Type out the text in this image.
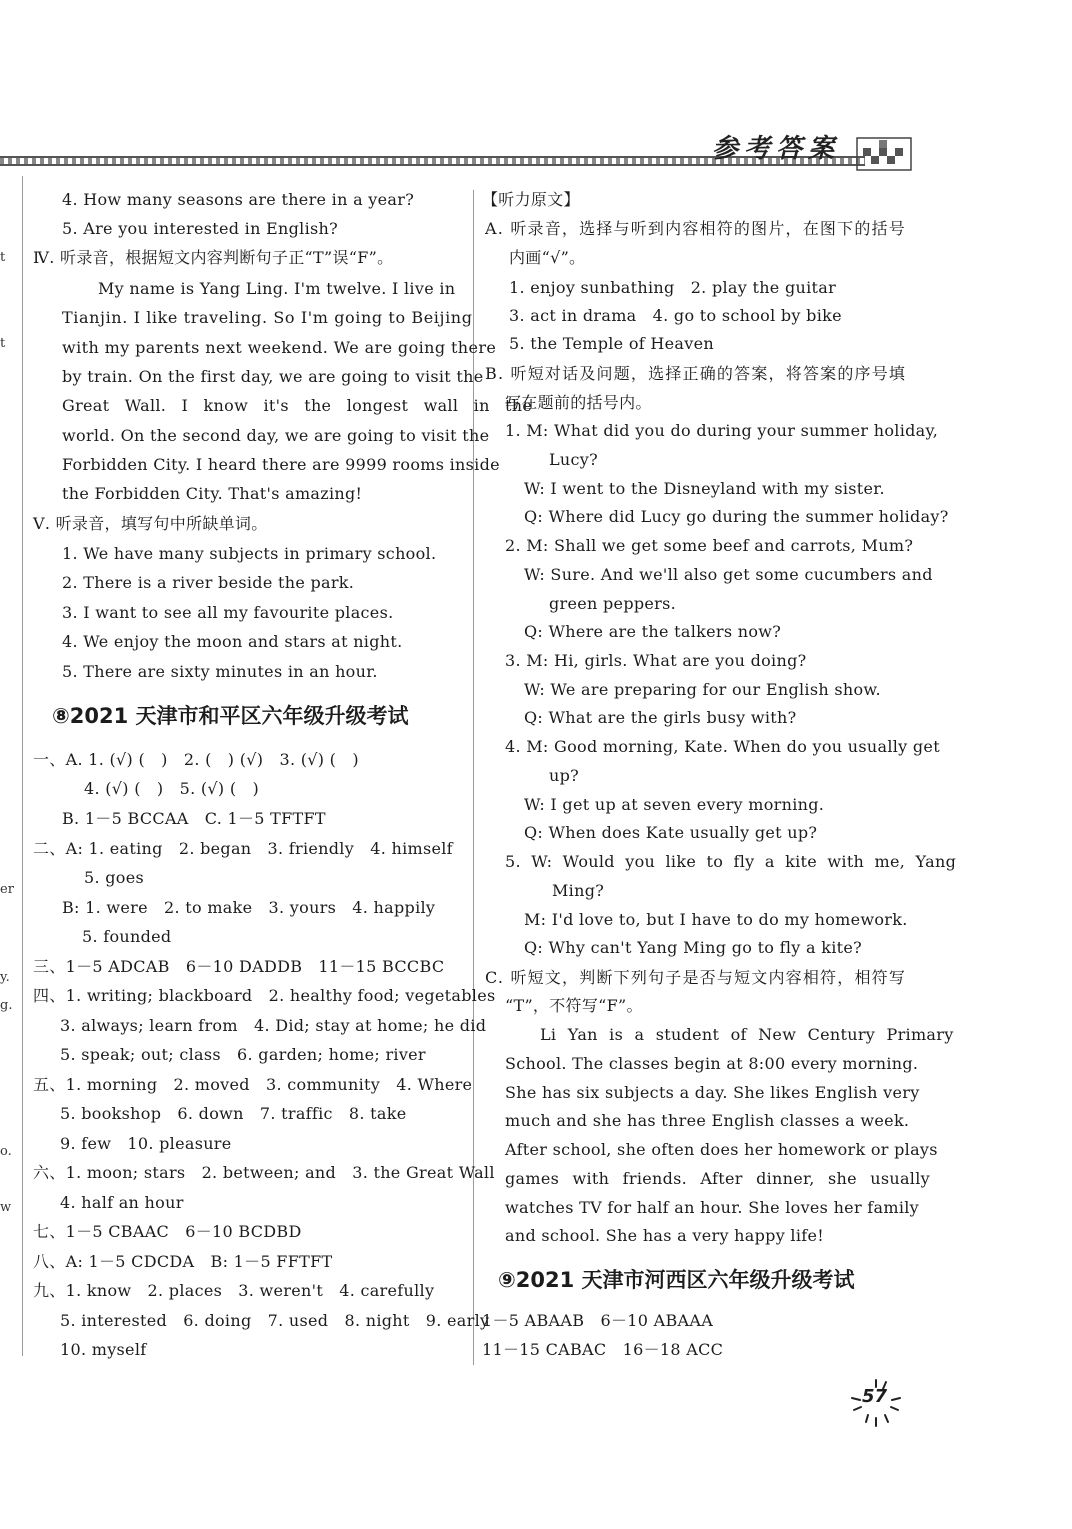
参考答案
t
t
er
y.
g.
o.
w
4. How many seasons are there in a year?
5. Are you interested in English?
Ⅳ. 听录音，根据短文内容判断句子正“T”误“F”。
My name is Yang Ling. I'm twelve. I live in
Tianjin. I like traveling. So I'm going to Beijing
with my parents next weekend. We are going there
by train. On the first day, we are going to visit the
Great Wall. I know it's the longest wall in the
world. On the second day, we are going to visit the
Forbidden City. I heard there are 9999 rooms inside
the Forbidden City. That's amazing!
Ⅴ. 听录音，填写句中所缺单词。
1. We have many subjects in primary school.
2. There is a river beside the park.
3. I want to see all my favourite places.
4. We enjoy the moon and stars at night.
5. There are sixty minutes in an hour.
⑧2021 天津市和平区六年级升级考试
一、A. 1. (√) (   )   2. (   ) (√)   3. (√) (   )
4. (√) (   )   5. (√) (   )
B. 1－5 BCCAA   C. 1－5 TFTFT
二、A: 1. eating   2. began   3. friendly   4. himself
5. goes
B: 1. were   2. to make   3. yours   4. happily
5. founded
三、1－5 ADCAB   6－10 DADDB   11－15 BCCBC
四、1. writing; blackboard   2. healthy food; vegetables
3. always; learn from   4. Did; stay at home; he did
5. speak; out; class   6. garden; home; river
五、1. morning   2. moved   3. community   4. Where
5. bookshop   6. down   7. traffic   8. take
9. few   10. pleasure
六、1. moon; stars   2. between; and   3. the Great Wall
4. half an hour
七、1－5 CBAAC   6－10 BCDBD
八、A: 1－5 CDCDA   B: 1－5 FFTFT
九、1. know   2. places   3. weren't   4. carefully
5. interested   6. doing   7. used   8. night   9. early
10. myself
【听力原文】
A. 听录音，选择与听到内容相符的图片，在图下的括号
内画“√”。
1. enjoy sunbathing   2. play the guitar
3. act in drama   4. go to school by bike
5. the Temple of Heaven
B. 听短对话及问题，选择正确的答案，将答案的序号填
写在题前的括号内。
1. M: What did you do during your summer holiday,
Lucy?
W: I went to the Disneyland with my sister.
Q: Where did Lucy go during the summer holiday?
2. M: Shall we get some beef and carrots, Mum?
W: Sure. And we'll also get some cucumbers and
green peppers.
Q: Where are the talkers now?
3. M: Hi, girls. What are you doing?
W: We are preparing for our English show.
Q: What are the girls busy with?
4. M: Good morning, Kate. When do you usually get
up?
W: I get up at seven every morning.
Q: When does Kate usually get up?
5. W: Would you like to fly a kite with me, Yang
Ming?
M: I'd love to, but I have to do my homework.
Q: Why can't Yang Ming go to fly a kite?
C. 听短文，判断下列句子是否与短文内容相符，相符写
“T”，不符写“F”。
Li Yan is a student of New Century Primary
School. The classes begin at 8:00 every morning.
She has six subjects a day. She likes English very
much and she has three English classes a week.
After school, she often does her homework or plays
games with friends. After dinner, she usually
watches TV for half an hour. She loves her family
and school. She has a very happy life!
⑨2021 天津市河西区六年级升级考试
1－5 ABAAB   6－10 ABAAA
11－15 CABAC   16－18 ACC
57
